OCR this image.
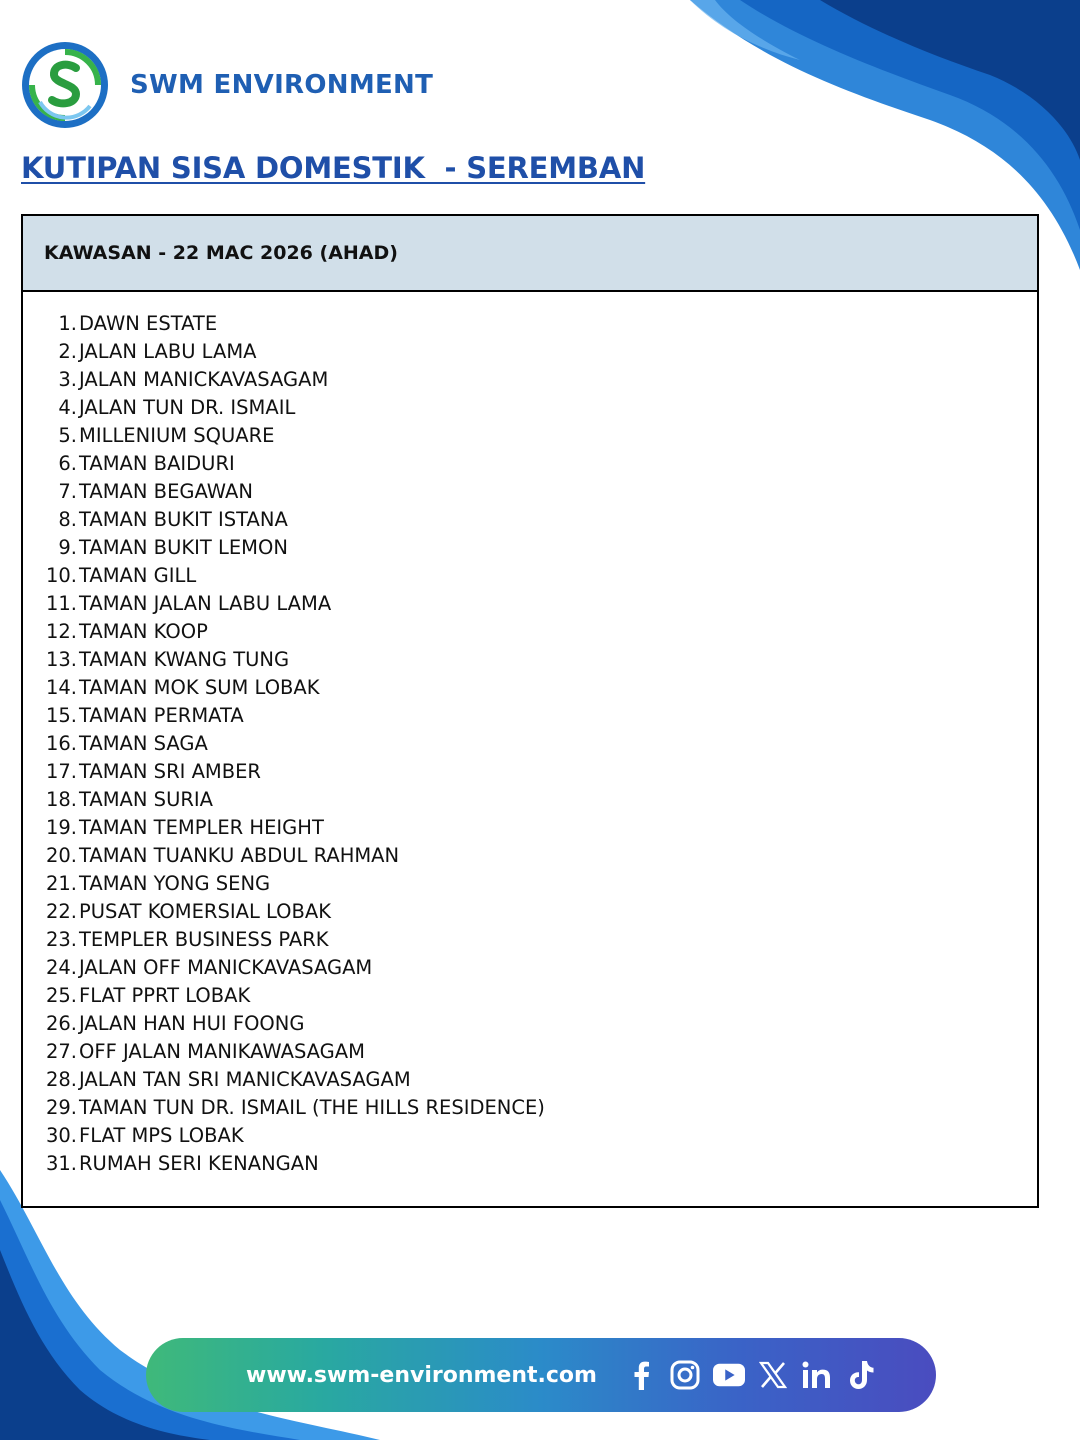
SWM ENVIRONMENT
KUTIPAN SISA DOMESTIK  - SEREMBAN
KAWASAN - 22 MAC 2026 (AHAD)
1. DAWN ESTATE
2. JALAN LABU LAMA
3. JALAN MANICKAVASAGAM
4. JALAN TUN DR. ISMAIL
5. MILLENIUM SQUARE
6. TAMAN BAIDURI
7. TAMAN BEGAWAN
8. TAMAN BUKIT ISTANA
9. TAMAN BUKIT LEMON
10. TAMAN GILL
11. TAMAN JALAN LABU LAMA
12. TAMAN KOOP
13. TAMAN KWANG TUNG
14. TAMAN MOK SUM LOBAK
15. TAMAN PERMATA
16. TAMAN SAGA
17. TAMAN SRI AMBER
18. TAMAN SURIA
19. TAMAN TEMPLER HEIGHT
20. TAMAN TUANKU ABDUL RAHMAN
21. TAMAN YONG SENG
22. PUSAT KOMERSIAL LOBAK
23. TEMPLER BUSINESS PARK
24. JALAN OFF MANICKAVASAGAM
25. FLAT PPRT LOBAK
26. JALAN HAN HUI FOONG
27. OFF JALAN MANIKAWASAGAM
28. JALAN TAN SRI MANICKAVASAGAM
29. TAMAN TUN DR. ISMAIL (THE HILLS RESIDENCE)
30. FLAT MPS LOBAK
31. RUMAH SERI KENANGAN
www.swm-environment.com
